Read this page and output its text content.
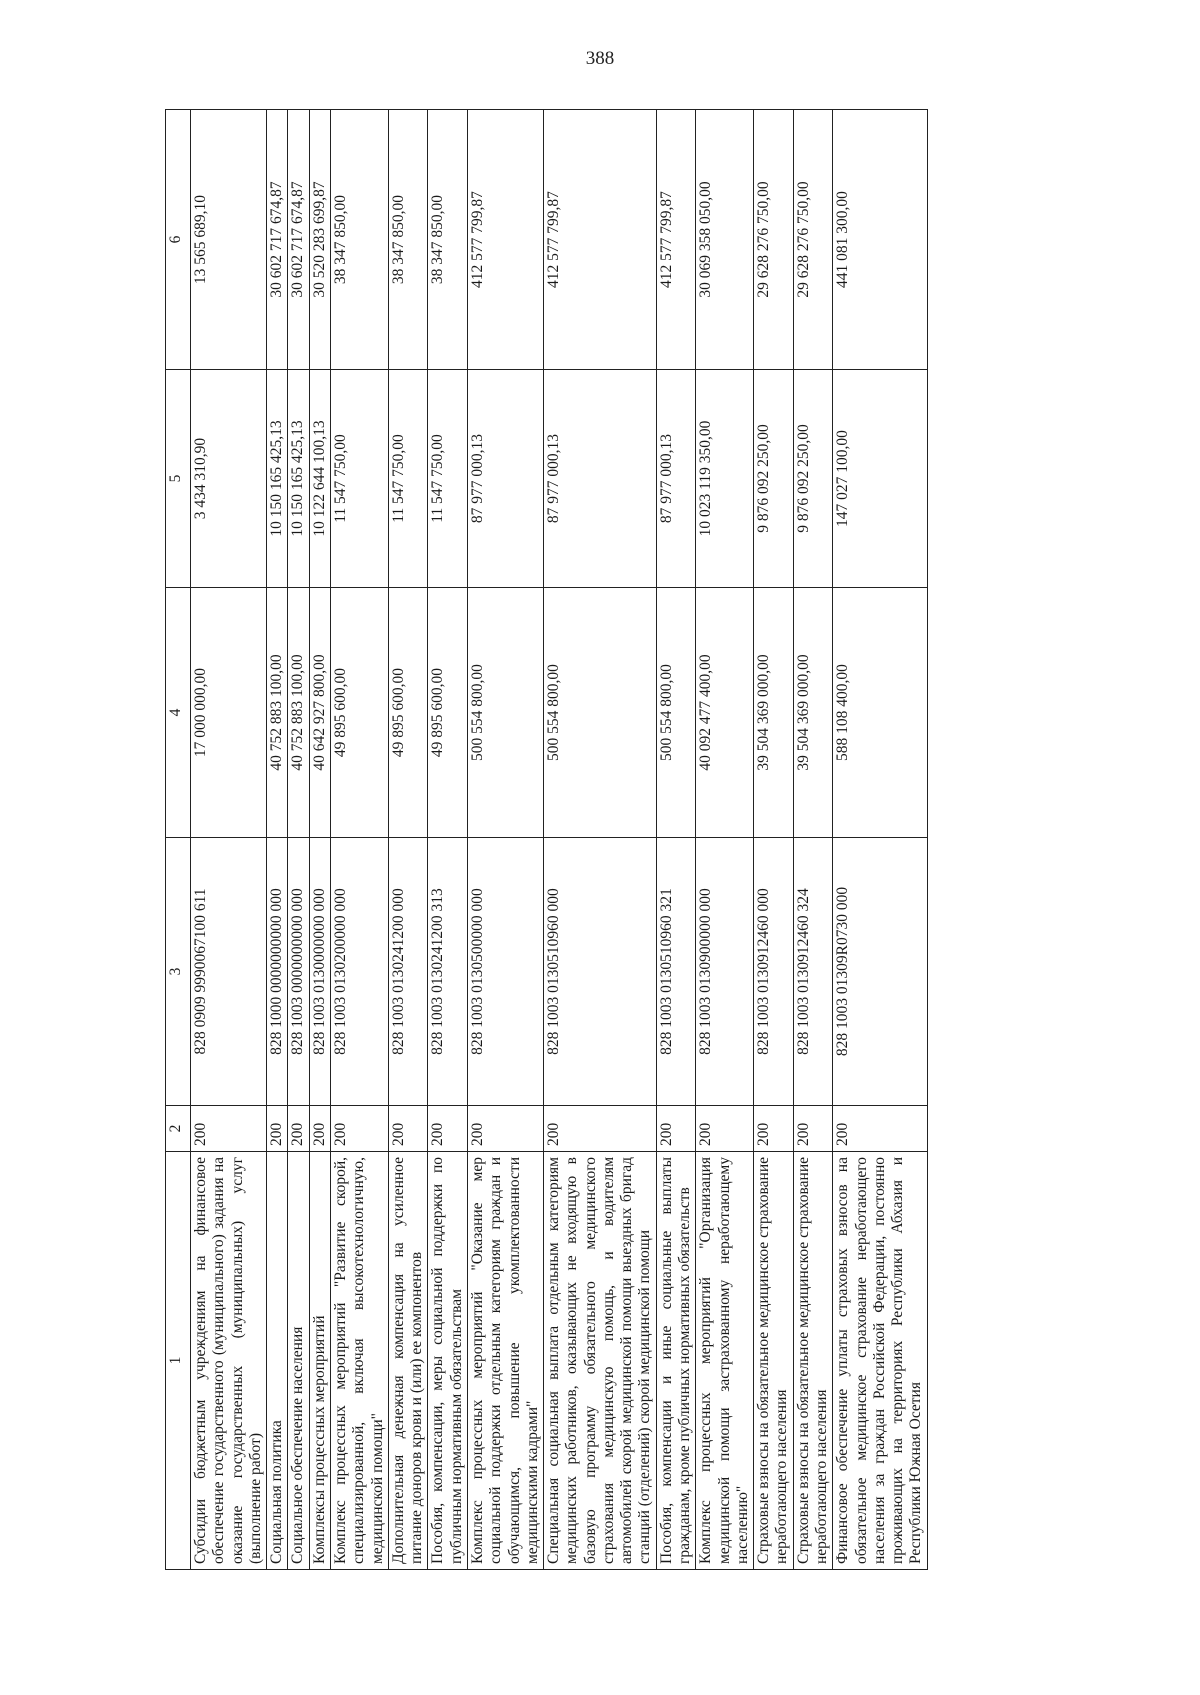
388
1	2	3	4	5	6
Субсидии бюджетным учреждениям на финансовое обеспечение государственного (муниципального) задания на оказание государственных (муниципальных) услуг (выполнение работ)	200	828 0909 9990067100 611	17 000 000,00	3 434 310,90	13 565 689,10
Социальная политика	200	828 1000 0000000000 000	40 752 883 100,00	10 150 165 425,13	30 602 717 674,87
Социальное обеспечение населения	200	828 1003 0000000000 000	40 752 883 100,00	10 150 165 425,13	30 602 717 674,87
Комплексы процессных мероприятий	200	828 1003 0130000000 000	40 642 927 800,00	10 122 644 100,13	30 520 283 699,87
Комплекс процессных мероприятий "Развитие скорой, специализированной, включая высокотехнологичную, медицинской помощи"	200	828 1003 0130200000 000	49 895 600,00	11 547 750,00	38 347 850,00
Дополнительная денежная компенсация на усиленное питание доноров крови и (или) ее компонентов	200	828 1003 0130241200 000	49 895 600,00	11 547 750,00	38 347 850,00
Пособия, компенсации, меры социальной поддержки по публичным нормативным обязательствам	200	828 1003 0130241200 313	49 895 600,00	11 547 750,00	38 347 850,00
Комплекс процессных мероприятий "Оказание мер социальной поддержки отдельным категориям граждан и обучающимся, повышение укомплектованности медицинскими кадрами"	200	828 1003 0130500000 000	500 554 800,00	87 977 000,13	412 577 799,87
Специальная социальная выплата отдельным категориям медицинских работников, оказывающих не входящую в базовую программу обязательного медицинского страхования медицинскую помощь, и водителям автомобилей скорой медицинской помощи выездных бригад станций (отделений) скорой медицинской помощи	200	828 1003 0130510960 000	500 554 800,00	87 977 000,13	412 577 799,87
Пособия, компенсации и иные социальные выплаты гражданам, кроме публичных нормативных обязательств	200	828 1003 0130510960 321	500 554 800,00	87 977 000,13	412 577 799,87
Комплекс процессных мероприятий "Организация медицинской помощи застрахованному неработающему населению"	200	828 1003 0130900000 000	40 092 477 400,00	10 023 119 350,00	30 069 358 050,00
Страховые взносы на обязательное медицинское страхование неработающего населения	200	828 1003 0130912460 000	39 504 369 000,00	9 876 092 250,00	29 628 276 750,00
Страховые взносы на обязательное медицинское страхование неработающего населения	200	828 1003 0130912460 324	39 504 369 000,00	9 876 092 250,00	29 628 276 750,00
Финансовое обеспечение уплаты страховых взносов на обязательное медицинское страхование неработающего населения за граждан Российской Федерации, постоянно проживающих на территориях Республики Абхазия и Республики Южная Осетия	200	828 1003 01309R0730 000	588 108 400,00	147 027 100,00	441 081 300,00
